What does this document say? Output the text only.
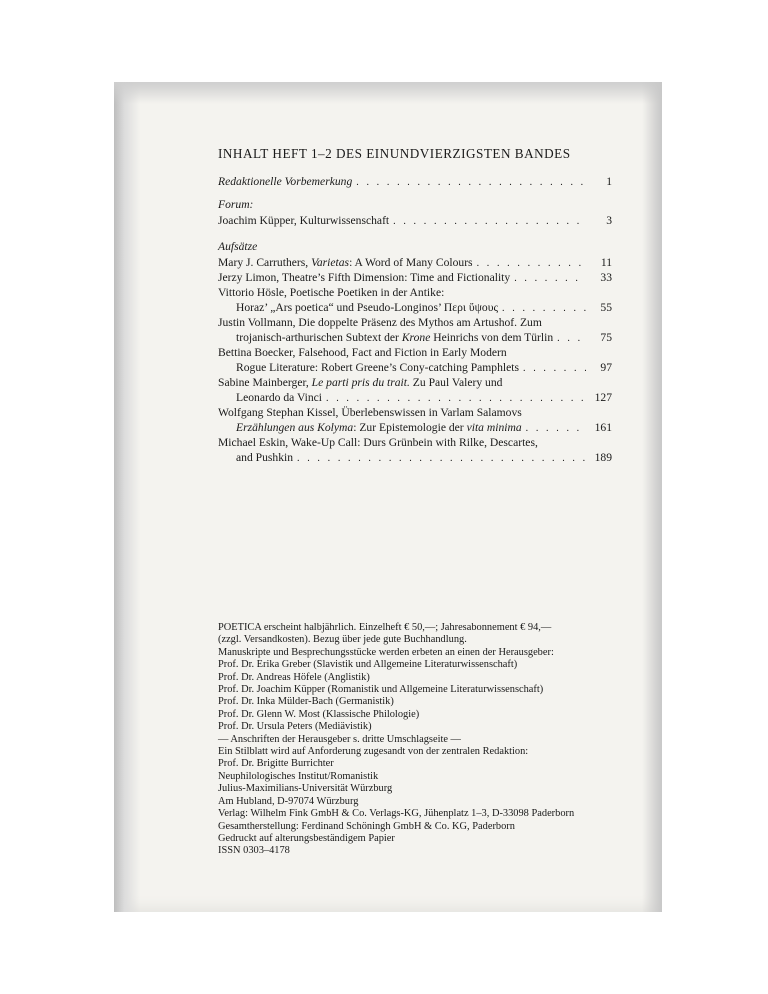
INHALT HEFT 1–2 DES EINUNDVIERZIGSTEN BANDES
Redaktionelle Vorbemerkung . . .	1
Forum:
Joachim Küpper, Kulturwissenschaft . . .	3
Aufsätze
Mary J. Carruthers, Varietas: A Word of Many Colours . . .	11
Jerzy Limon, Theatre’s Fifth Dimension: Time and Fictionality . . .	33
Vittorio Hösle, Poetische Poetiken in der Antike:
Horaz’ „Ars poetica“ und Pseudo-Longinos’ Περι ὕψους . . .	55
Justin Vollmann, Die doppelte Präsenz des Mythos am Artushof. Zum
trojanisch-arthurischen Subtext der Krone Heinrichs von dem Türlin . . .	75
Bettina Boecker, Falsehood, Fact and Fiction in Early Modern
Rogue Literature: Robert Greene’s Cony-catching Pamphlets . . .	97
Sabine Mainberger, Le parti pris du trait. Zu Paul Valery und
Leonardo da Vinci . . .	127
Wolfgang Stephan Kissel, Überlebenswissen in Varlam Salamovs
Erzählungen aus Kolyma: Zur Epistemologie der vita minima . . .	161
Michael Eskin, Wake-Up Call: Durs Grünbein with Rilke, Descartes,
and Pushkin . . .	189
POETICA erscheint halbjährlich. Einzelheft € 50,—; Jahresabonnement € 94,—
(zzgl. Versandkosten). Bezug über jede gute Buchhandlung.
Manuskripte und Besprechungsstücke werden erbeten an einen der Herausgeber:
Prof. Dr. Erika Greber (Slavistik und Allgemeine Literaturwissenschaft)
Prof. Dr. Andreas Höfele (Anglistik)
Prof. Dr. Joachim Küpper (Romanistik und Allgemeine Literaturwissenschaft)
Prof. Dr. Inka Mülder-Bach (Germanistik)
Prof. Dr. Glenn W. Most (Klassische Philologie)
Prof. Dr. Ursula Peters (Mediävistik)
— Anschriften der Herausgeber s. dritte Umschlagseite —
Ein Stilblatt wird auf Anforderung zugesandt von der zentralen Redaktion:
Prof. Dr. Brigitte Burrichter
Neuphilologisches Institut/Romanistik
Julius-Maximilians-Universität Würzburg
Am Hubland, D-97074 Würzburg
Verlag: Wilhelm Fink GmbH & Co. Verlags-KG, Jühenplatz 1–3, D-33098 Paderborn
Gesamtherstellung: Ferdinand Schöningh GmbH & Co. KG, Paderborn
Gedruckt auf alterungsbeständigem Papier
ISSN 0303–4178
